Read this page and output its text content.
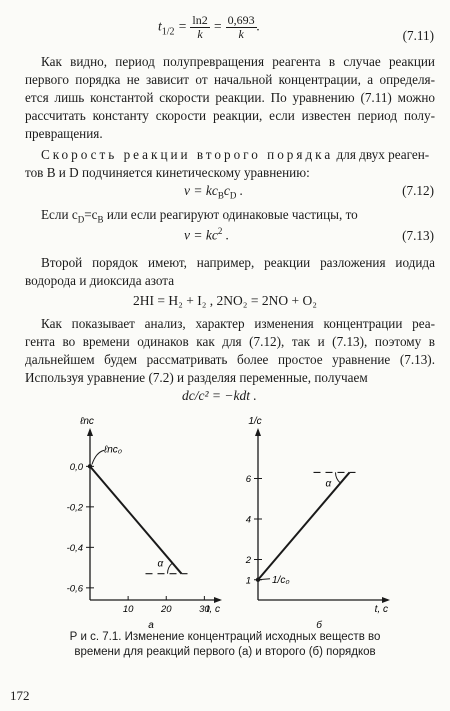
$t_{1/2} = \frac{\ln 2}{k} = \frac{0,693}{k}$ .
(7.11)
Как видно, период полупревращения реагента в случае реакции
первого порядка не зависит от начальной концентрации, а определя-
ется лишь константой скорости реакции. По уравнению (7.11) можно
рассчитать константу скорости реакции, если известен период полу-
превращения.
Скорость реакции второго порядка для двух реаген-
тов B и D подчиняется кинетическому уравнению:
$v = kc_Bc_D$ .	(7.12)
Если $c_D=c_B$ или если реагируют одинаковые частицы, то
$v = kc^2$ .	(7.13)
Второй порядок имеют, например, реакции разложения иодида
водорода и диоксида азота
2HI = H₂ + I₂ , 2NO₂ = 2NO + O₂
Как показывает анализ, характер изменения концентрации реа-
гента во времени одинаков как для (7.12), так и (7.13), поэтому в
дальнейшем будем рассматривать более простое уравнение (7.13).
Используя уравнение (7.2) и разделяя переменные, получаем
dc/c² = −kdt .
ℓnc
t, c
0,0
-0,2
-0,4
-0,6
10	20	30
α
ℓnc₀
а
1/c
t, c
1
2
4
6	α
1/c₀
б
Р и с. 7.1. Изменение концентраций исходных веществ во
времени для реакций первого (а) и второго (б) порядков
172
